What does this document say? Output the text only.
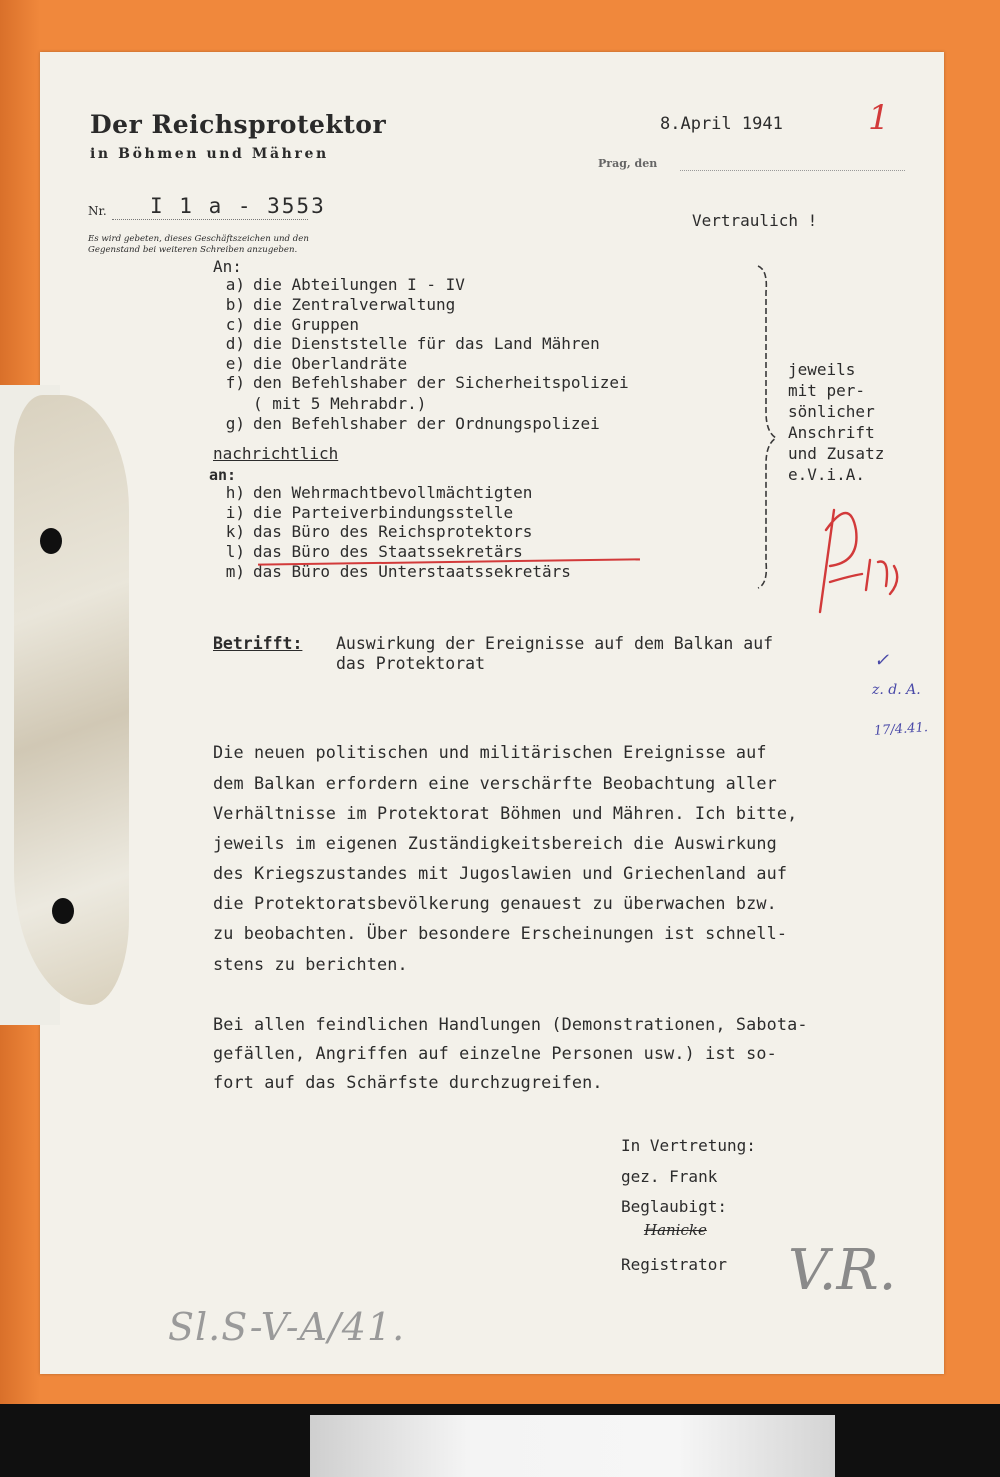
Der Reichsprotektor
in Böhmen und Mähren
Nr. I 1 a - 3553
Es wird gebeten, dieses Geschäftszeichen und den
Gegenstand bei weiteren Schreiben anzugeben.
8.April 1941	1
Prag, den
Vertraulich !
An:
a) die Abteilungen I - IV
b) die Zentralverwaltung
c) die Gruppen
d) die Dienststelle für das Land Mähren
e) die Oberlandräte
f) den Befehlshaber der Sicherheitspolizei
( mit 5 Mehrabdr.)
g) den Befehlshaber der Ordnungspolizei
nachrichtlich
an:
h) den Wehrmachtbevollmächtigten
i) die Parteiverbindungsstelle
k) das Büro des Reichsprotektors
l) das Büro des Staatssekretärs
m) das Büro des Unterstaatssekretärs
jeweils
mit per-
sönlicher
Anschrift
und Zusatz
e.V.i.A.
Betrifft: Auswirkung der Ereignisse auf dem Balkan auf
das Protektorat	✓
z. d. A.
17/4.41.
Die neuen politischen und militärischen Ereignisse auf
dem Balkan erfordern eine verschärfte Beobachtung aller
Verhältnisse im Protektorat Böhmen und Mähren. Ich bitte,
jeweils im eigenen Zuständigkeitsbereich die Auswirkung
des Kriegszustandes mit Jugoslawien und Griechenland auf
die Protektoratsbevölkerung genauest zu überwachen bzw.
zu beobachten. Über besondere Erscheinungen ist schnell-
stens zu berichten.
Bei allen feindlichen Handlungen (Demonstrationen, Sabota-
gefällen, Angriffen auf einzelne Personen usw.) ist so-
fort auf das Schärfste durchzugreifen.
In Vertretung:
gez. Frank
Beglaubigt:
Hanicke
Registrator V.R.
Sl.S-V-A/41.
